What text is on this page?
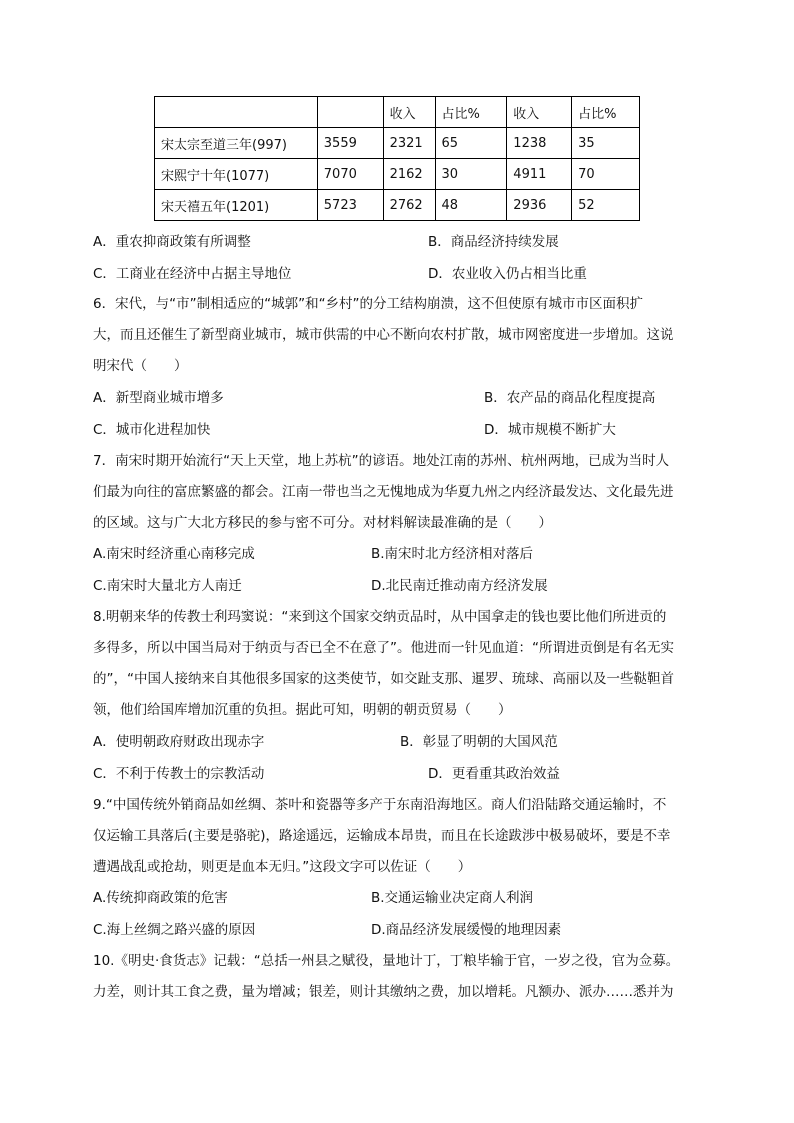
		收入	占比%	收入	占比%
宋太宗至道三年(997)	3559	2321	65	1238	35
宋熙宁十年(1077)	7070	2162	30	4911	70
宋天禧五年(1201)	5723	2762	48	2936	52
A．重农抑商政策有所调整	B．商品经济持续发展
C．工商业在经济中占据主导地位	D．农业收入仍占相当比重
6．宋代，与“市”制相适应的“城郭”和“乡村”的分工结构崩溃，这不但使原有城市市区面积扩
大，而且还催生了新型商业城市，城市供需的中心不断向农村扩散，城市网密度进一步增加。这说
明宋代（　　）
A．新型商业城市增多	B．农产品的商品化程度提高
C．城市化进程加快	D．城市规模不断扩大
7．南宋时期开始流行“天上天堂，地上苏杭”的谚语。地处江南的苏州、杭州两地，已成为当时人
们最为向往的富庶繁盛的都会。江南一带也当之无愧地成为华夏九州之内经济最发达、文化最先进
的区域。这与广大北方移民的参与密不可分。对材料解读最准确的是（　　）
A.南宋时经济重心南移完成	B.南宋时北方经济相对落后
C.南宋时大量北方人南迁	D.北民南迁推动南方经济发展
8.明朝来华的传教士利玛窦说：“来到这个国家交纳贡品时，从中国拿走的钱也要比他们所进贡的
多得多，所以中国当局对于纳贡与否已全不在意了”。他进而一针见血道：“所谓进贡倒是有名无实
的”，“中国人接纳来自其他很多国家的这类使节，如交趾支那、暹罗、琉球、高丽以及一些鞑靼首
领，他们给国库增加沉重的负担。据此可知，明朝的朝贡贸易（　　）
A．使明朝政府财政出现赤字	B．彰显了明朝的大国风范
C．不利于传教士的宗教活动	D．更看重其政治效益
9.“中国传统外销商品如丝绸、茶叶和瓷器等多产于东南沿海地区。商人们沿陆路交通运输时，不
仅运输工具落后(主要是骆驼)，路途遥远，运输成本昂贵，而且在长途跋涉中极易破坏，要是不幸
遭遇战乱或抢劫，则更是血本无归。”这段文字可以佐证（　　）
A.传统抑商政策的危害	B.交通运输业决定商人利润
C.海上丝绸之路兴盛的原因	D.商品经济发展缓慢的地理因素
10.《明史·食货志》记载：“总括一州县之赋役，量地计丁，丁粮毕输于官，一岁之役，官为佥募。
力差，则计其工食之费，量为增减；银差，则计其缴纳之费，加以增耗。凡额办、派办……悉并为
